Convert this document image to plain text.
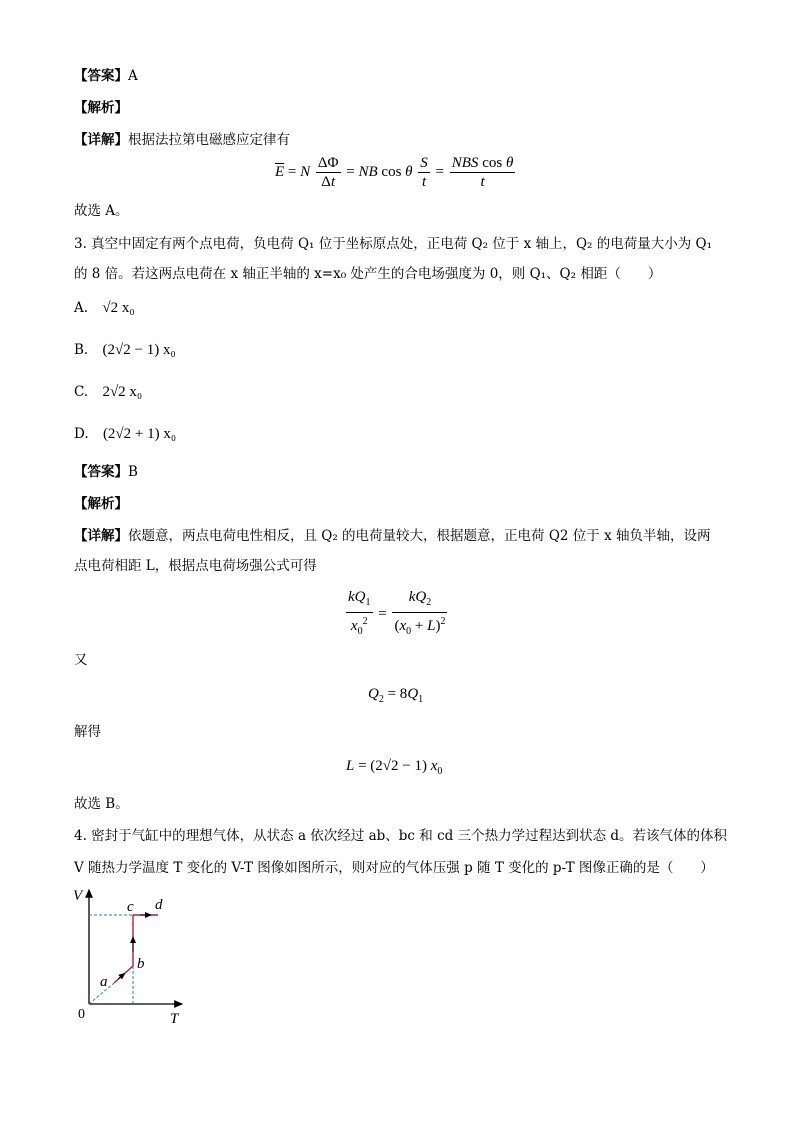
【答案】A
【解析】
【详解】根据法拉第电磁感应定律有
$\overline{E} = N \frac{\Delta\Phi}{\Delta t}$ = NB cos θ $\frac{S}{t} = \frac{\text{NBS cos θ}}{t}$
故选 A。
3. 真空中固定有两个点电荷，负电荷 Q₁ 位于坐标原点处，正电荷 Q₂ 位于 x 轴上，Q₂ 的电荷量大小为 Q₁
的 8 倍。若这两点电荷在 x 轴正半轴的 x=x₀ 处产生的合电场强度为 0，则 Q₁、Q₂ 相距（　　）
A. √2 x₀
B. (2√2 − 1) x₀
C. 2√2 x₀
D. (2√2 + 1) x₀
【答案】B
【解析】
【详解】依题意，两点电荷电性相反，且 Q₂ 的电荷量较大，根据题意，正电荷 Q2 位于 x 轴负半轴，设两
点电荷相距 L，根据点电荷场强公式可得
$\frac{kQ_1}{x_0^2} = \frac{kQ_2}{(x_0 + L)^2}$
又
$Q_2 = 8Q_1$
解得
L = (2√2 − 1) $x_0$
故选 B。
4. 密封于气缸中的理想气体，从状态 a 依次经过 ab、bc 和 cd 三个热力学过程达到状态 d。若该气体的体积
V 随热力学温度 T 变化的 V-T 图像如图所示，则对应的气体压强 p 随 T 变化的 p-T 图像正确的是（　　）
V
T
0
a
b
c d
